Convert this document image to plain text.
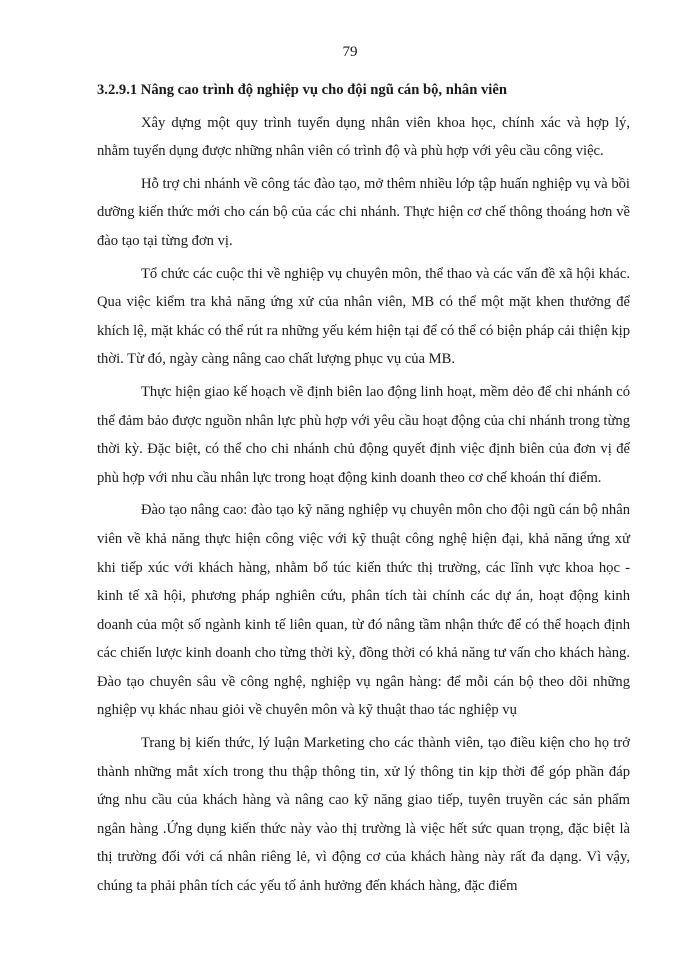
79
3.2.9.1 Nâng cao trình độ nghiệp vụ cho đội ngũ cán bộ, nhân viên

Xây dựng một quy trình tuyển dụng nhân viên khoa học, chính xác và hợp lý, nhằm tuyển dụng được những nhân viên có trình độ và phù hợp với yêu cầu công việc.

Hỗ trợ chi nhánh về công tác đào tạo, mở thêm nhiều lớp tập huấn nghiệp vụ và bồi dưỡng kiến thức mới cho cán bộ của các chi nhánh. Thực hiện cơ chế thông thoáng hơn về đào tạo tại từng đơn vị.

Tổ chức các cuộc thi về nghiệp vụ chuyên môn, thể thao và các vấn đề xã hội khác. Qua việc kiểm tra khả năng ứng xử của nhân viên, MB có thể một mặt khen thưởng để khích lệ, mặt khác có thể rút ra những yếu kém hiện tại để có thể có biện pháp cải thiện kịp thời. Từ đó, ngày càng nâng cao chất lượng phục vụ của MB.

Thực hiện giao kế hoạch về định biên lao động linh hoạt, mềm dẻo để chi nhánh có thể đảm bảo được nguồn nhân lực phù hợp với yêu cầu hoạt động của chi nhánh trong từng thời kỳ. Đặc biệt, có thể cho chi nhánh chủ động quyết định việc định biên của đơn vị để phù hợp với nhu cầu nhân lực trong hoạt động kinh doanh theo cơ chế khoán thí điểm.

Đào tạo nâng cao: đào tạo kỹ năng nghiệp vụ chuyên môn cho đội ngũ cán bộ nhân viên về khả năng thực hiện công việc với kỹ thuật công nghệ hiện đại, khả năng ứng xử khi tiếp xúc với khách hàng, nhằm bổ túc kiến thức thị trường, các lĩnh vực khoa học - kinh tế xã hội, phương pháp nghiên cứu, phân tích tài chính các dự án, hoạt động kinh doanh của một số ngành kinh tế liên quan, từ đó nâng tầm nhận thức để có thể hoạch định các chiến lược kinh doanh cho từng thời kỳ, đồng thời có khả năng tư vấn cho khách hàng. Đào tạo chuyên sâu về công nghệ, nghiệp vụ ngân hàng: để mỗi cán bộ theo dõi những nghiệp vụ khác nhau giỏi về chuyên môn và kỹ thuật thao tác nghiệp vụ

Trang bị kiến thức, lý luận Marketing cho các thành viên, tạo điều kiện cho họ trở thành những mắt xích trong thu thập thông tin, xử lý thông tin kịp thời để góp phần đáp ứng nhu cầu của khách hàng và nâng cao kỹ năng giao tiếp, tuyên truyền các sản phẩm ngân hàng .Ứng dụng kiến thức này vào thị trường là việc hết sức quan trọng, đặc biệt là thị trường đối với cá nhân riêng lẻ, vì động cơ của khách hàng này rất đa dạng. Vì vậy, chúng ta phải phân tích các yếu tố ảnh hưởng đến khách hàng, đặc điểm
